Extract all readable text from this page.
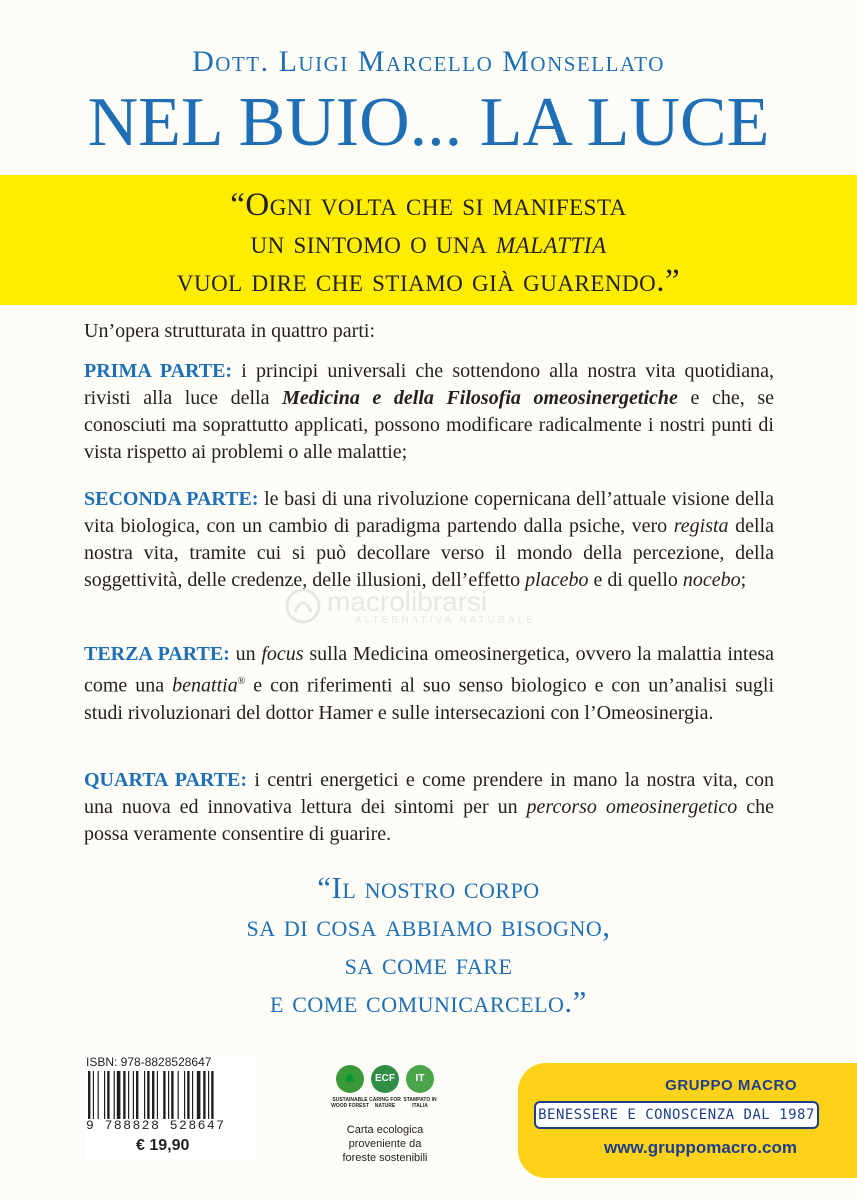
Dott. Luigi Marcello Monsellato
NEL BUIO... LA LUCE
“Ogni volta che si manifesta
un sintomo o una malattia
vuol dire che stiamo già guarendo.”

Un’opera strutturata in quattro parti:

PRIMA PARTE: i principi universali che sottendono alla nostra vita quotidiana, rivisti alla luce della Medicina e della Filosofia omeosinergetiche e che, se conosciuti ma soprattutto applicati, possono modificare radicalmente i nostri punti di vista rispetto ai problemi o alle malattie;

SECONDA PARTE: le basi di una rivoluzione copernicana dell’attuale visione della vita biologica, con un cambio di paradigma partendo dalla psiche, vero regista della nostra vita, tramite cui si può decollare verso il mondo della percezione, della soggettività, delle credenze, delle illusioni, dell’effetto placebo e di quello nocebo;

TERZA PARTE: un focus sulla Medicina omeosinergetica, ovvero la malattia intesa come una benattia® e con riferimenti al suo senso biologico e con un’analisi sugli studi rivoluzionari del dottor Hamer e sulle intersecazioni con l’Omeosinergia.

QUARTA PARTE: i centri energetici e come prendere in mano la nostra vita, con una nuova ed innovativa lettura dei sintomi per un percorso omeosinergetico che possa veramente consentire di guarire.

macrolibrarsi
ALTERNATIVA NATURALE
“Il nostro corpo
sa di cosa abbiamo bisogno,
sa come fare
e come comunicarcelo.”
ISBN: 978-8828528647
9 788828 528647
€ 19,90
🌲
SUSTAINABLE WOOD FOREST
ECF
CARING FOR NATURE
IT
STAMPATO IN ITALIA
Carta ecologica
proveniente da
foreste sostenibili
GRUPPO MACRO
BENESSERE E CONOSCENZA DAL 1987
www.gruppomacro.com
